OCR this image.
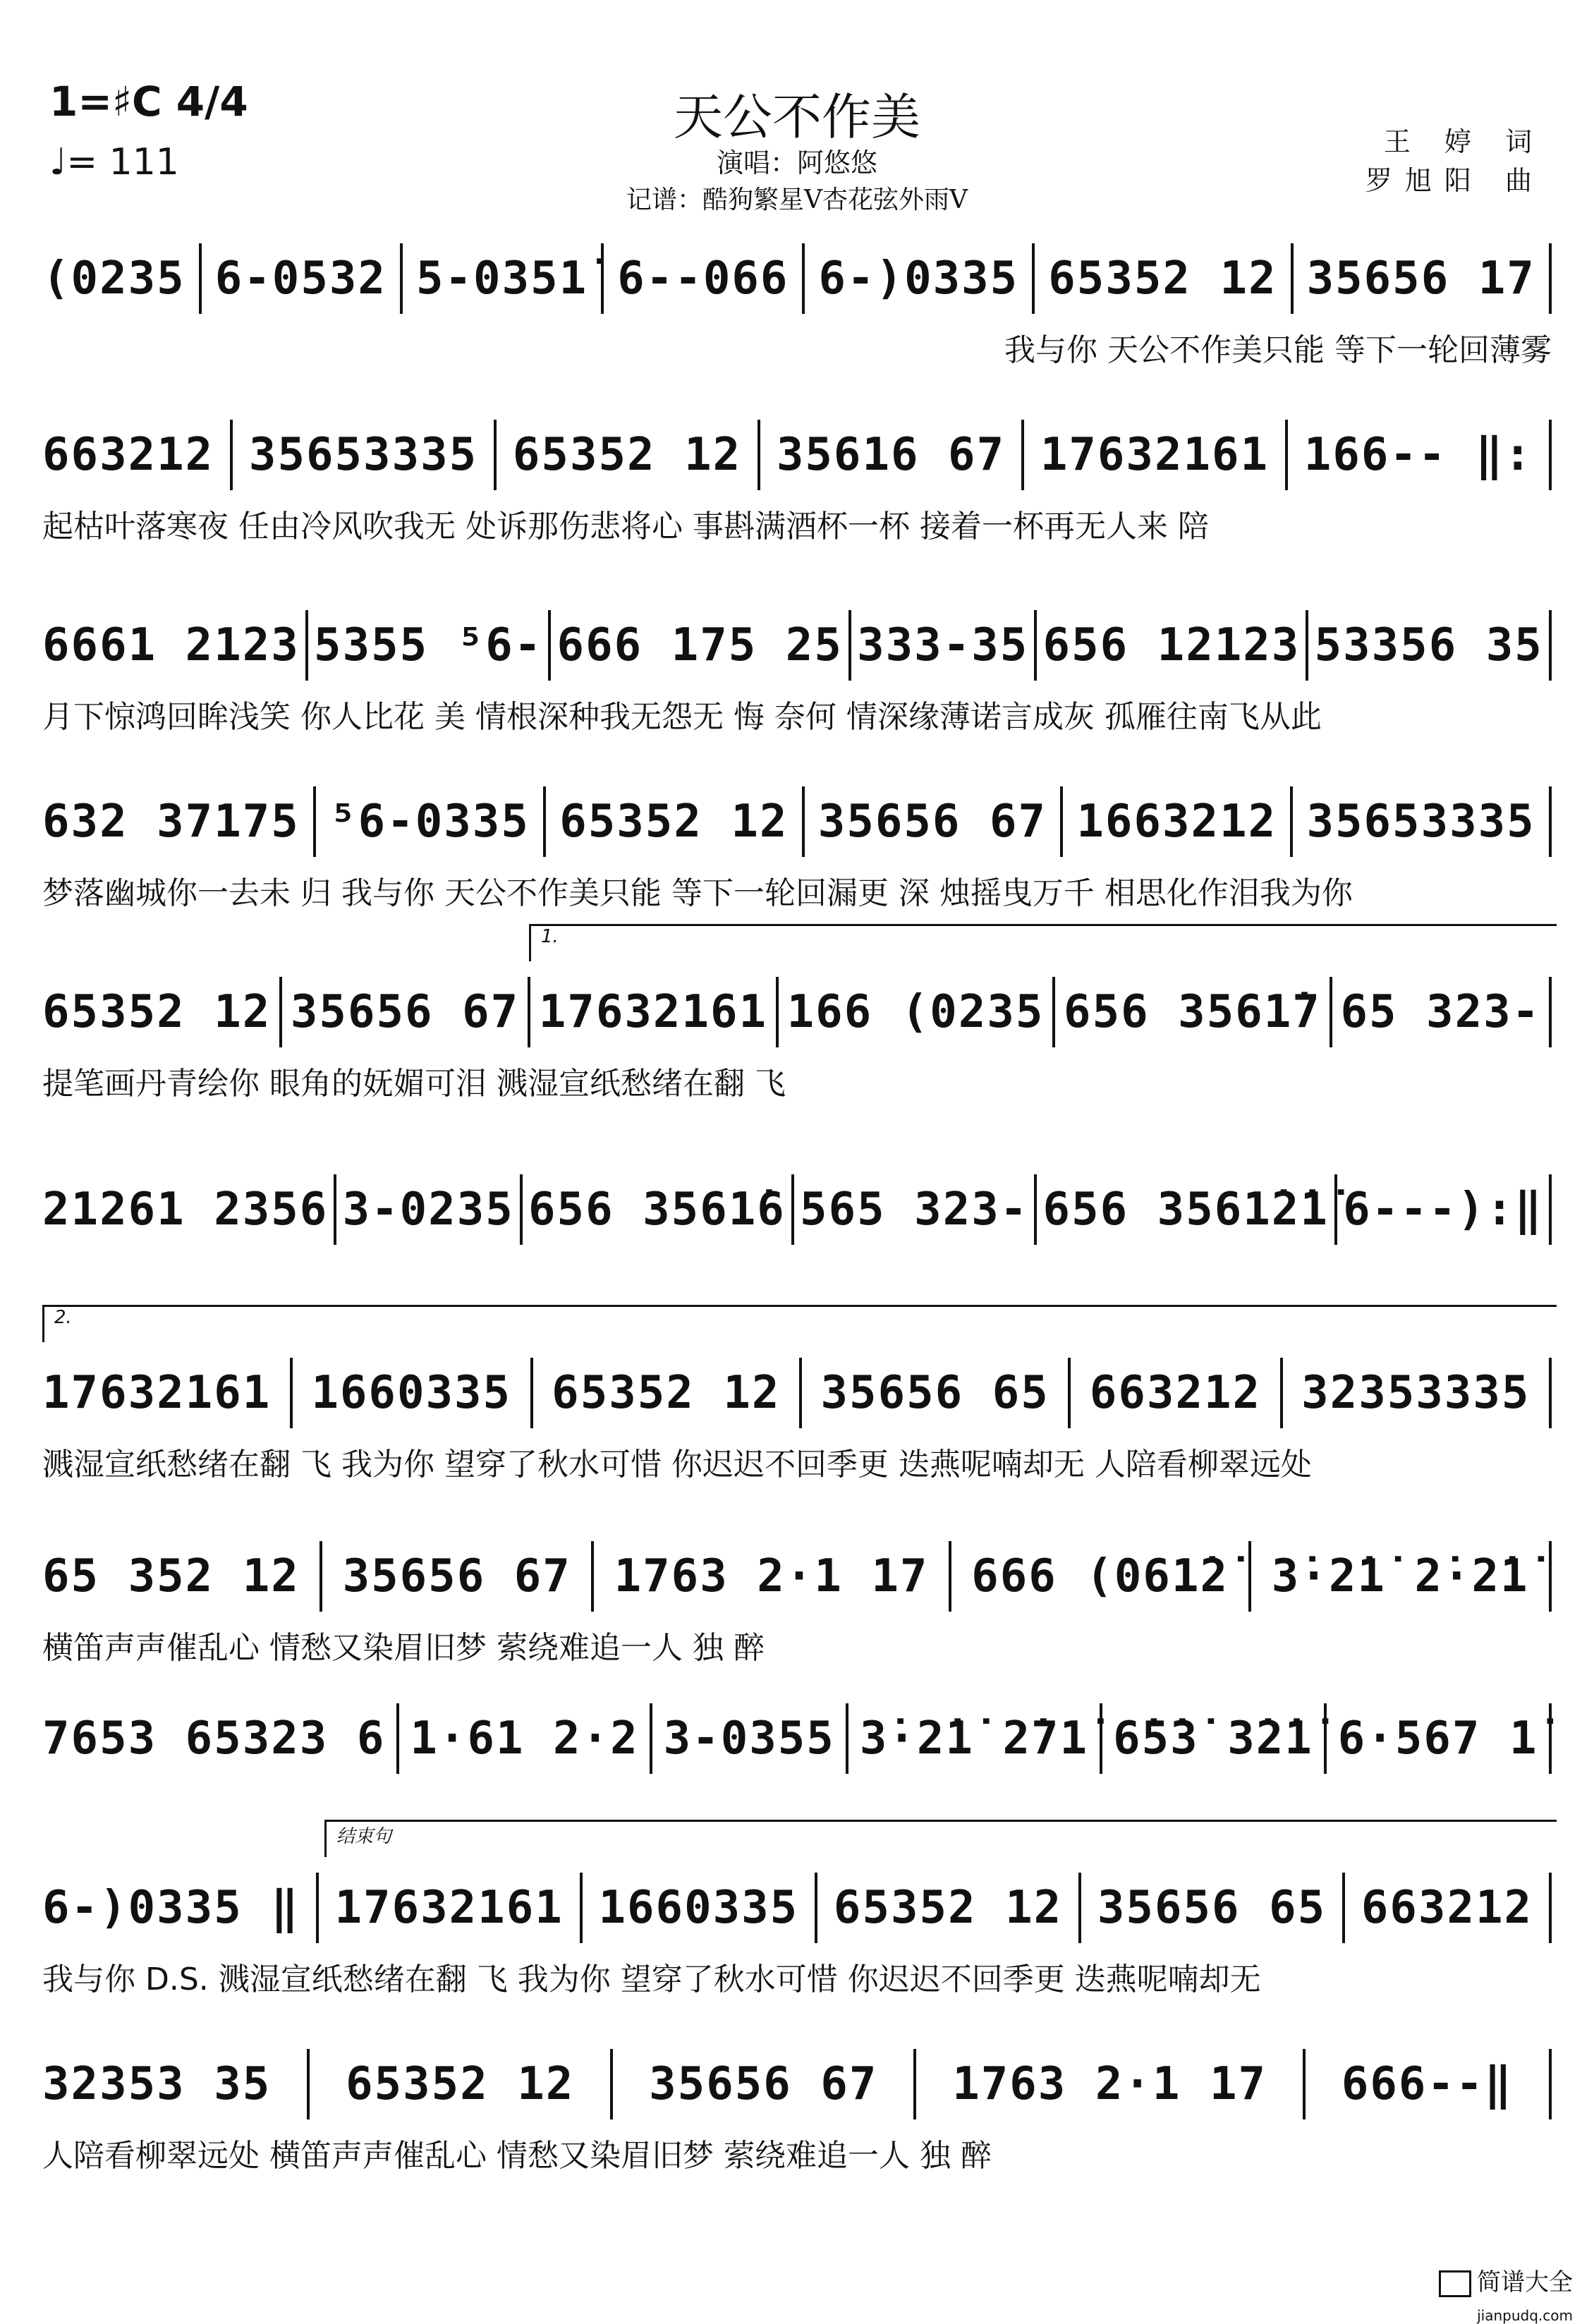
1=♯C 4/4
♩= 111
天公不作美
演唱：阿悠悠
记谱：酷狗繁星V杏花弦外雨V
王 婷 词
罗旭阳 曲
(0235 6-0532 5-0351̇ 6--066 6-)0335 65352 12 35656 17
我与你 天公不作美只能 等下一轮回薄雾
663212 35653335 65352 12 35616 67 17632161 166-- ‖:
起枯叶落寒夜 任由冷风吹我无 处诉那伤悲将心 事斟满酒杯一杯 接着一杯再无人来 陪
6661 2123 5355 ⁵6- 666 175 25 333-35 656 12123 53356 35
月下惊鸿回眸浅笑 你人比花 美 情根深种我无怨无 悔 奈何 情深缘薄诺言成灰 孤雁往南飞从此
632 37175 ⁵6-0335 65352 12 35656 67 1663212 35653335
梦落幽城你一去未 归 我与你 天公不作美只能 等下一轮回漏更 深 烛摇曳万千 相思化作泪我为你
1.
65352 12 35656 67 17632161 166 (0235 656 3561̇7 65 323-
提笔画丹青绘你 眼角的妩媚可泪 溅湿宣纸愁绪在翻 飞
21261 2356 3-0235 656 3561̇6 565 323- 656 3561̇2̇1̇ 6---):‖
2.
17632161 1660335 65352 12 35656 65 663212 32353335
溅湿宣纸愁绪在翻 飞 我为你 望穿了秋水可惜 你迟迟不回季更 迭燕呢喃却无 人陪看柳翠远处
65 352 12 35656 67 1763 2·1 17 666 (061̇2̇ 3̇·2̇1̇ 2̇·2̇1̇
横笛声声催乱心 情愁又染眉旧梦 萦绕难追一人 独 醉
7653 65323 6 1·61 2·2 3-0355 3̇·2̇1̇ 2̇71̇ 6̇5̇3̇ 3̇2̇1̇ 6·567 1̇
结束句
6-)0335 ‖ 17632161 1660335 65352 12 35656 65 663212
我与你 D.S. 溅湿宣纸愁绪在翻 飞 我为你 望穿了秋水可惜 你迟迟不回季更 迭燕呢喃却无
32353 35 65352 12 35656 67 1763 2·1 17 666--‖
人陪看柳翠远处 横笛声声催乱心 情愁又染眉旧梦 萦绕难追一人 独 醉
简谱大全
jianpudq.com
